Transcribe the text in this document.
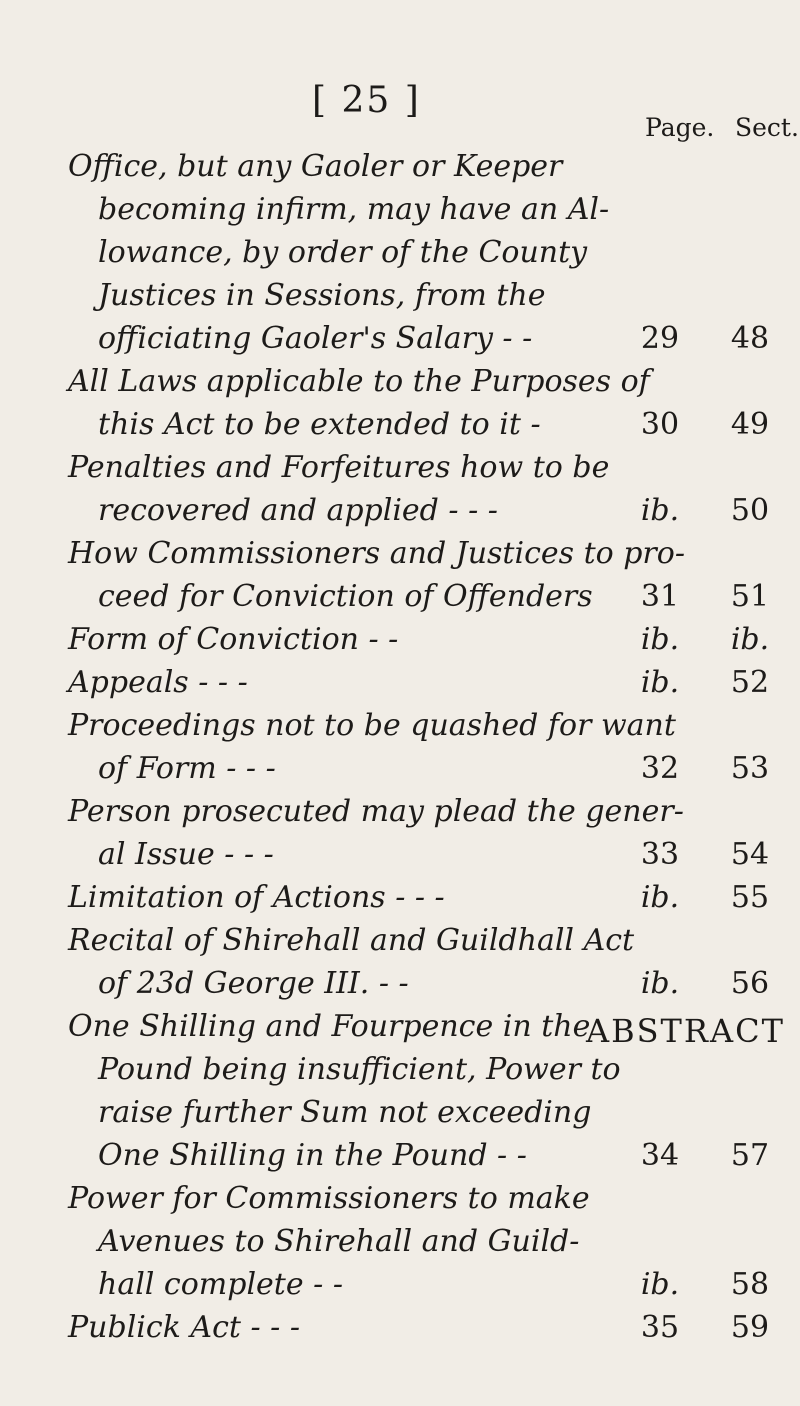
[ 25 ]
Page. Sect.
Office, but any Gaoler or Keeper
becoming infirm, may have an Al-
lowance, by order of the County
Justices in Sessions, from the
officiating Gaoler's Salary - -	29	48
All Laws applicable to the Purposes of
this Act to be extended to it -	30	49
Penalties and Forfeitures how to be
recovered and applied - - -	ib.	50
How Commissioners and Justices to pro-
ceed for Conviction of Offenders	31	51
Form of Conviction - -	ib.	ib.
Appeals - - -	ib.	52
Proceedings not to be quashed for want
of Form - - -	32	53
Person prosecuted may plead the gener-
al Issue - - -	33	54
Limitation of Actions - - -	ib.	55
Recital of Shirehall and Guildhall Act
of 23d George III. - -	ib.	56
One Shilling and Fourpence in the
Pound being insufficient, Power to
raise further Sum not exceeding
One Shilling in the Pound - -	34	57
Power for Commissioners to make
Avenues to Shirehall and Guild-
hall complete - -	ib.	58
Publick Act - - -	35	59
ABSTRACT
